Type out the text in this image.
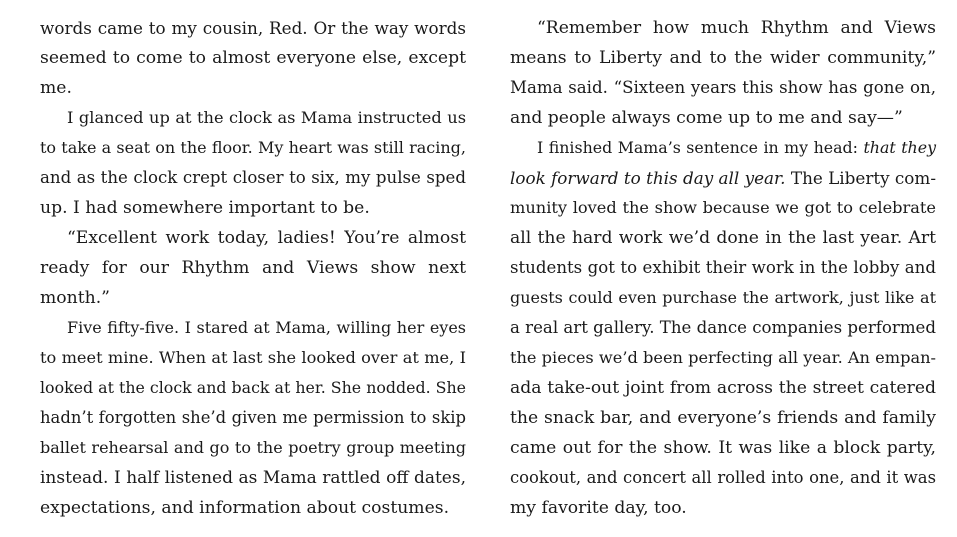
words came to my cousin, Red. Or the way words
seemed to come to almost everyone else, except
me.
I glanced up at the clock as Mama instructed us
to take a seat on the floor. My heart was still racing,
and as the clock crept closer to six, my pulse sped
up. I had somewhere important to be.
“Excellent work today, ladies! You’re almost
ready for our Rhythm and Views show next
month.”
Five fifty-five. I stared at Mama, willing her eyes
to meet mine. When at last she looked over at me, I
looked at the clock and back at her. She nodded. She
hadn’t forgotten she’d given me permission to skip
ballet rehearsal and go to the poetry group meeting
instead. I half listened as Mama rattled off dates,
expectations, and information about costumes.
“Remember how much Rhythm and Views
means to Liberty and to the wider community,”
Mama said. “Sixteen years this show has gone on,
and people always come up to me and say—”
I finished Mama’s sentence in my head: that they
look forward to this day all year. The Liberty com-
munity loved the show because we got to celebrate
all the hard work we’d done in the last year. Art
students got to exhibit their work in the lobby and
guests could even purchase the artwork, just like at
a real art gallery. The dance companies performed
the pieces we’d been perfecting all year. An empan-
ada take-out joint from across the street catered
the snack bar, and everyone’s friends and family
came out for the show. It was like a block party,
cookout, and concert all rolled into one, and it was
my favorite day, too.
